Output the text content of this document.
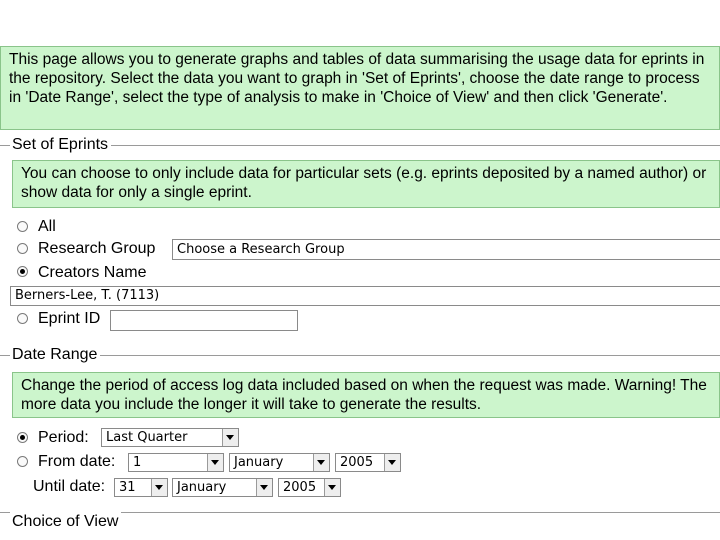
This page allows you to generate graphs and tables of data summarising the usage data for eprints in the repository. Select the data you want to graph in 'Set of Eprints', choose the date range to process in 'Date Range', select the type of analysis to make in 'Choice of View' and then click 'Generate'.
Set of Eprints
You can choose to only include data for particular sets (e.g. eprints deposited by a named author) or show data for only a single eprint.
All
Research Group	Choose a Research Group
Creators Name
Berners-Lee, T. (7113)
Eprint ID
Date Range
Change the period of access log data included based on when the request was made. Warning! The more data you include the longer it will take to generate the results.
Period:	Last Quarter
From date:	1	January	2005
Until date:	31	January	2005
Choice of View
